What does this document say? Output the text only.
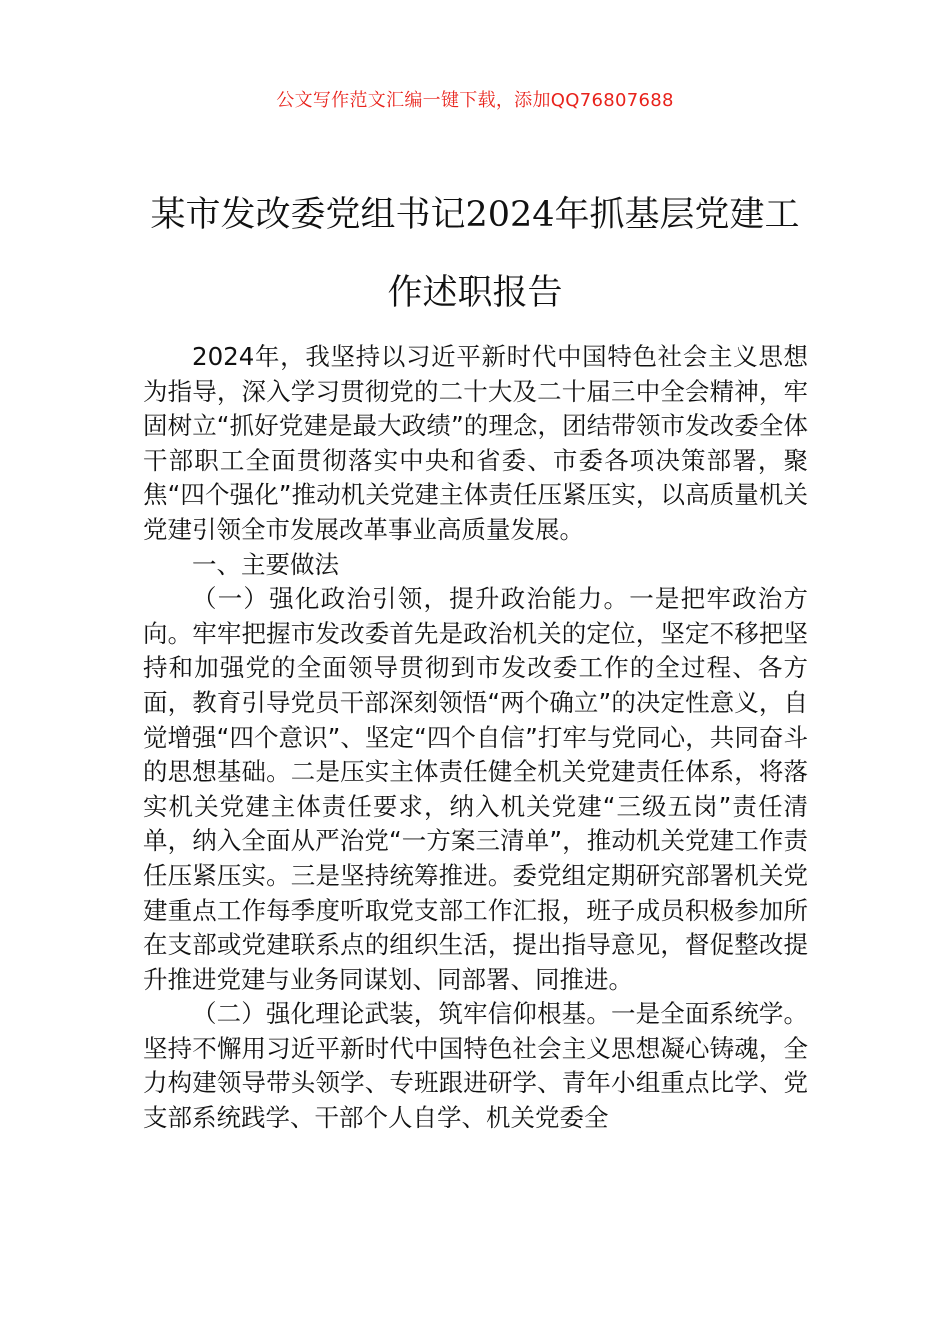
公文写作范文汇编一键下载，添加QQ76807688
某市发改委党组书记2024年抓基层党建工
作述职报告

2024年，我坚持以习近平新时代中国特色社会主义思想为指导，深入学习贯彻党的二十大及二十届三中全会精神，牢固树立“抓好党建是最大政绩”的理念，团结带领市发改委全体干部职工全面贯彻落实中央和省委、市委各项决策部署，聚焦“四个强化”推动机关党建主体责任压紧压实，以高质量机关党建引领全市发展改革事业高质量发展。

一、主要做法

（一）强化政治引领，提升政治能力。一是把牢政治方向。牢牢把握市发改委首先是政治机关的定位，坚定不移把坚持和加强党的全面领导贯彻到市发改委工作的全过程、各方面，教育引导党员干部深刻领悟“两个确立”的决定性意义，自觉增强“四个意识”、坚定“四个自信”打牢与党同心，共同奋斗的思想基础。二是压实主体责任健全机关党建责任体系，将落实机关党建主体责任要求，纳入机关党建“三级五岗”责任清单，纳入全面从严治党“一方案三清单”，推动机关党建工作责任压紧压实。三是坚持统筹推进。委党组定期研究部署机关党建重点工作每季度听取党支部工作汇报，班子成员积极参加所在支部或党建联系点的组织生活，提出指导意见，督促整改提升推进党建与业务同谋划、同部署、同推进。

（二）强化理论武装，筑牢信仰根基。一是全面系统学。坚持不懈用习近平新时代中国特色社会主义思想凝心铸魂，全力构建领导带头领学、专班跟进研学、青年小组重点比学、党支部系统践学、干部个人自学、机关党委全
